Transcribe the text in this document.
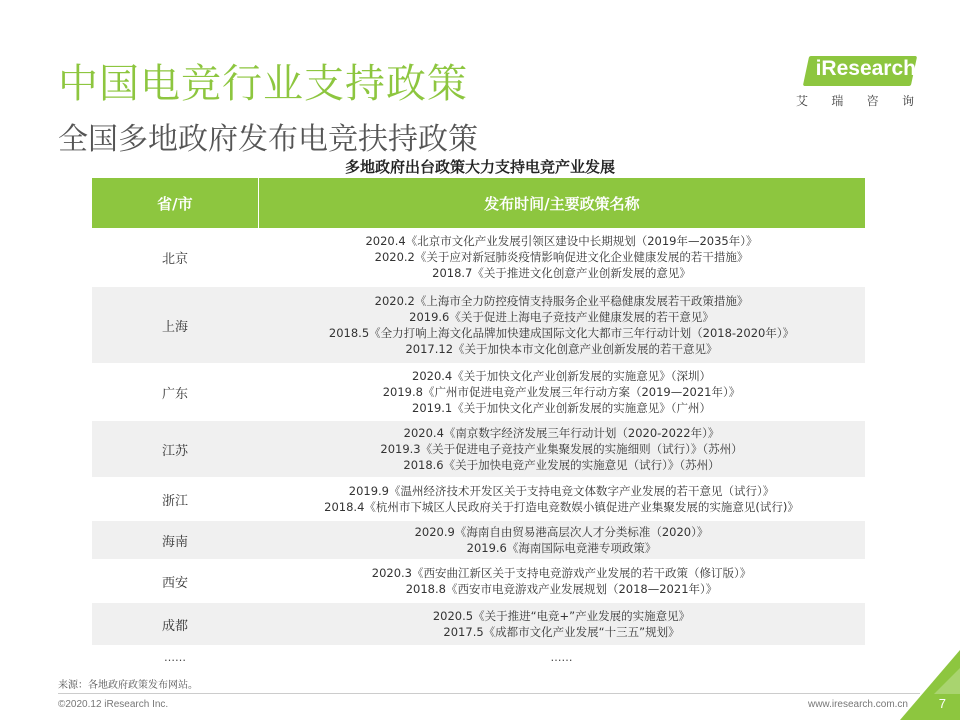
中国电竞行业支持政策
全国多地政府发布电竞扶持政策
iResearch
艾 瑞 咨 询
多地政府出台政策大力支持电竞产业发展
省/市	发布时间/主要政策名称
北京
2020.4《北京市文化产业发展引领区建设中长期规划（2019年—2035年）》
2020.2《关于应对新冠肺炎疫情影响促进文化企业健康发展的若干措施》
2018.7《关于推进文化创意产业创新发展的意见》
上海
2020.2《上海市全力防控疫情支持服务企业平稳健康发展若干政策措施》
2019.6《关于促进上海电子竞技产业健康发展的若干意见》
2018.5《全力打响上海文化品牌加快建成国际文化大都市三年行动计划（2018-2020年）》
2017.12《关于加快本市文化创意产业创新发展的若干意见》
广东
2020.4《关于加快文化产业创新发展的实施意见》（深圳）
2019.8《广州市促进电竞产业发展三年行动方案（2019—2021年）》
2019.1《关于加快文化产业创新发展的实施意见》（广州）
江苏
2020.4《南京数字经济发展三年行动计划（2020-2022年）》
2019.3《关于促进电子竞技产业集聚发展的实施细则（试行）》（苏州）
2018.6《关于加快电竞产业发展的实施意见（试行）》（苏州）
浙江
2019.9《温州经济技术开发区关于支持电竞文体数字产业发展的若干意见（试行）》
2018.4《杭州市下城区人民政府关于打造电竞数娱小镇促进产业集聚发展的实施意见(试行)》
海南
2020.9《海南自由贸易港高层次人才分类标准（2020）》
2019.6《海南国际电竞港专项政策》
西安
2020.3《西安曲江新区关于支持电竞游戏产业发展的若干政策（修订版）》
2018.8《西安市电竞游戏产业发展规划（2018—2021年）》
成都
2020.5《关于推进“电竞+”产业发展的实施意见》
2017.5《成都市文化产业发展“十三五”规划》
……	……
来源：各地政府政策发布网站。
©2020.12 iResearch Inc.	www.iresearch.com.cn 7
